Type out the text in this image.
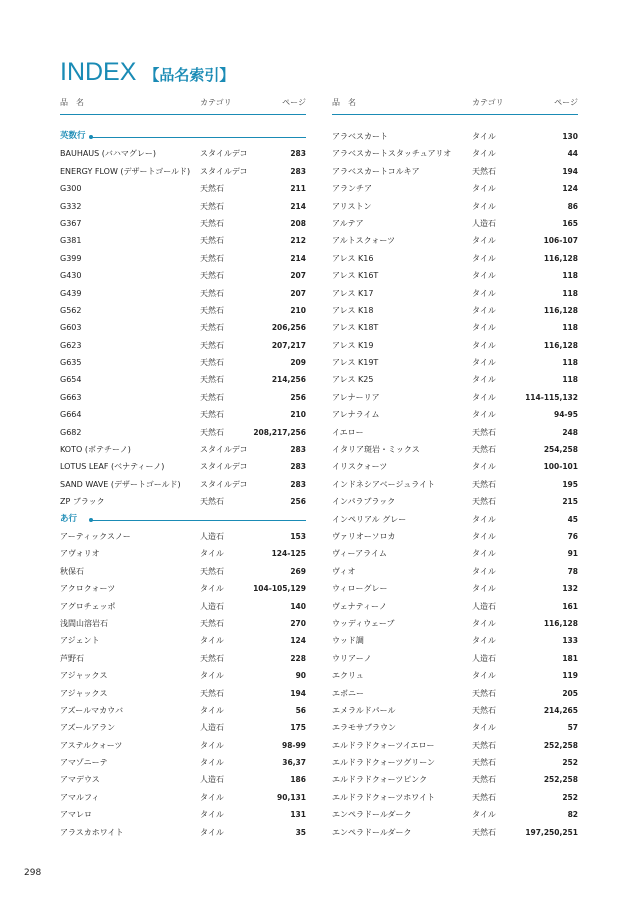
INDEX 【品名索引】
品　名	カテゴリ	ページ
英数行
BAUHAUS (バハマグレー)	スタイルデコ	283
ENERGY FLOW (デザートゴールド) スタイルデコ	283
G300	天然石	211
G332	天然石	214
G367	天然石	208
G381	天然石	212
G399	天然石	214
G430	天然石	207
G439	天然石	207
G562	天然石	210
G603	天然石	206,256
G623	天然石	207,217
G635	天然石	209
G654	天然石	214,256
G663	天然石	256
G664	天然石	210
G682	天然石	208,217,256
KOTO (ボテチーノ)	スタイルデコ	283
LOTUS LEAF (ベナティーノ)	スタイルデコ	283
SAND WAVE (デザートゴールド) スタイルデコ	283
ZP ブラック	天然石	256
あ行
アーティックスノー	人造石	153
アヴォリオ	タイル	124-125
秋保石	天然石	269
アクロクォーツ	タイル	104-105,129
アグロチェッポ	人造石	140
浅間山溶岩石	天然石	270
アジェント	タイル	124
芦野石	天然石	228
アジャックス	タイル	90
アジャックス	天然石	194
アズールマカウバ	タイル	56
アズールアラン	人造石	175
アステルクォーツ	タイル	98-99
アマゾニーテ	タイル	36,37
アマデウス	人造石	186
アマルフィ	タイル	90,131
アマレロ	タイル	131
アラスカホワイト	タイル	35
品　名	カテゴリ	ページ
アラベスカート	タイル	130
アラベスカートスタッチュアリオ	タイル	44
アラベスカートコルキア	天然石	194
アランチア	タイル	124
アリストン	タイル	86
アルテア	人造石	165
アルトスクォーツ	タイル	106-107
アレス K16	タイル	116,128
アレス K16T	タイル	118
アレス K17	タイル	118
アレス K18	タイル	116,128
アレス K18T	タイル	118
アレス K19	タイル	116,128
アレス K19T	タイル	118
アレス K25	タイル	118
アレナーリア	タイル	114-115,132
アレナライム	タイル	94-95
イエロー	天然石	248
イタリア斑岩・ミックス	天然石	254,258
イリスクォーツ	タイル	100-101
インドネシアベージュライト	天然石	195
インパラブラック	天然石	215
インペリアル グレー	タイル	45
ヴァリオーソロカ	タイル	76
ヴィーアライム	タイル	91
ヴィオ	タイル	78
ウィローグレー	タイル	132
ヴェナティーノ	人造石	161
ウッディウェーブ	タイル	116,128
ウッド調	タイル	133
ウリアーノ	人造石	181
エクリュ	タイル	119
エボニー	天然石	205
エメラルドパール	天然石	214,265
エラモサブラウン	タイル	57
エルドラドクォーツイエロー	天然石	252,258
エルドラドクォーツグリーン	天然石	252
エルドラドクォーツピンク	天然石	252,258
エルドラドクォーツホワイト	天然石	252
エンペラドールダーク	タイル	82
エンペラドールダーク	天然石	197,250,251
298
